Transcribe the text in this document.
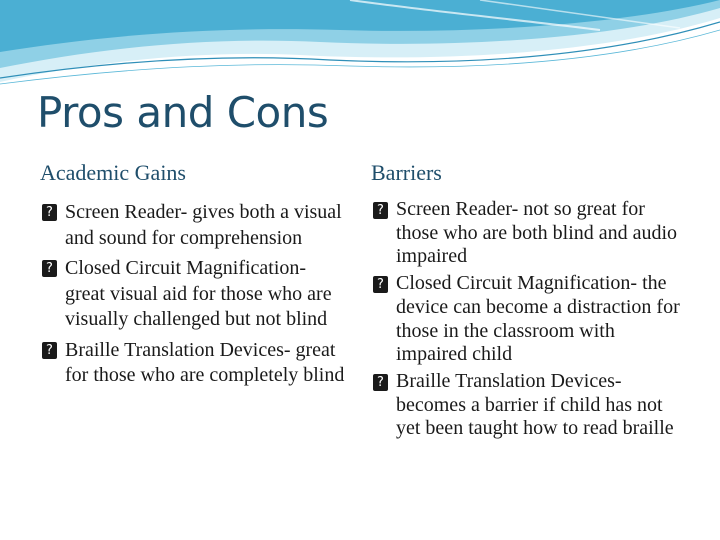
Pros and Cons
Academic Gains	Barriers
? Screen Reader- gives both a visual and sound for comprehension
? Closed Circuit Magnification- great visual aid for those who are visually challenged but not blind
? Braille Translation Devices- great for those who are completely blind
? Screen Reader- not so great for those who are both blind and audio impaired
? Closed Circuit Magnification- the device can become a distraction for those in the classroom with impaired child
? Braille Translation Devices- becomes a barrier if child has not yet been taught how to read braille
